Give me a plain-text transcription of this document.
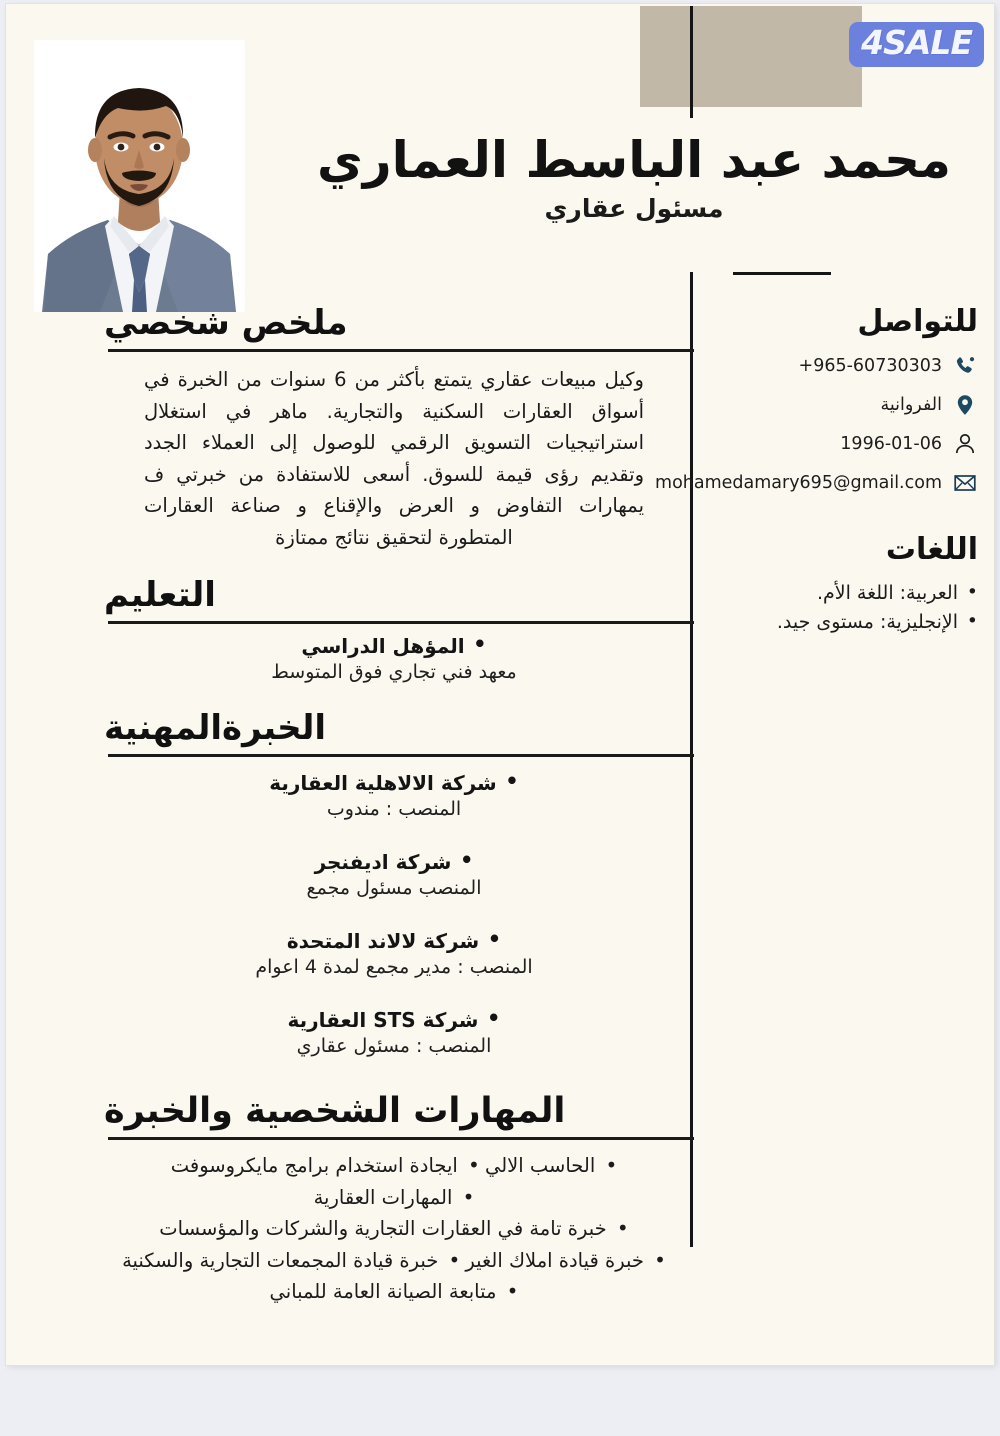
4SALE
محمد عبد الباسط العماري
مسئول عقاري
للتواصل
+965-60730303
الفروانية
1996-01-06
mohamedamary695@gmail.com
اللغات
• العربية: اللغة الأم.
• الإنجليزية: مستوى جيد.
ملخص شخصي
وكيل مبيعات عقاري يتمتع بأكثر من 6 سنوات من الخبرة في أسواق العقارات السكنية والتجارية. ماهر في استغلال استراتيجيات التسويق الرقمي للوصول إلى العملاء الجدد وتقديم رؤى قيمة للسوق. أسعى للاستفادة من خبرتي ف يمهارات التفاوض و العرض والإقناع و صناعة العقارات المتطورة لتحقيق نتائج ممتازة
التعليم
• المؤهل الدراسي
معهد فني تجاري فوق المتوسط
الخبرةالمهنية
• شركة الالاهلية العقارية
المنصب : مندوب
• شركة اديفنجر
المنصب مسئول مجمع
• شركة لالاند المتحدة
المنصب : مدير مجمع لمدة 4 اعوام
• شركة STS العقارية
المنصب : مسئول عقاري
المهارات الشخصية والخبرة
• الحاسب الالي • ايجادة استخدام برامج مايكروسوفت • المهارات العقارية • خبرة تامة في العقارات التجارية والشركات والمؤسسات • خبرة قيادة املاك الغير • خبرة قيادة المجمعات التجارية والسكنية • متابعة الصيانة العامة للمباني
